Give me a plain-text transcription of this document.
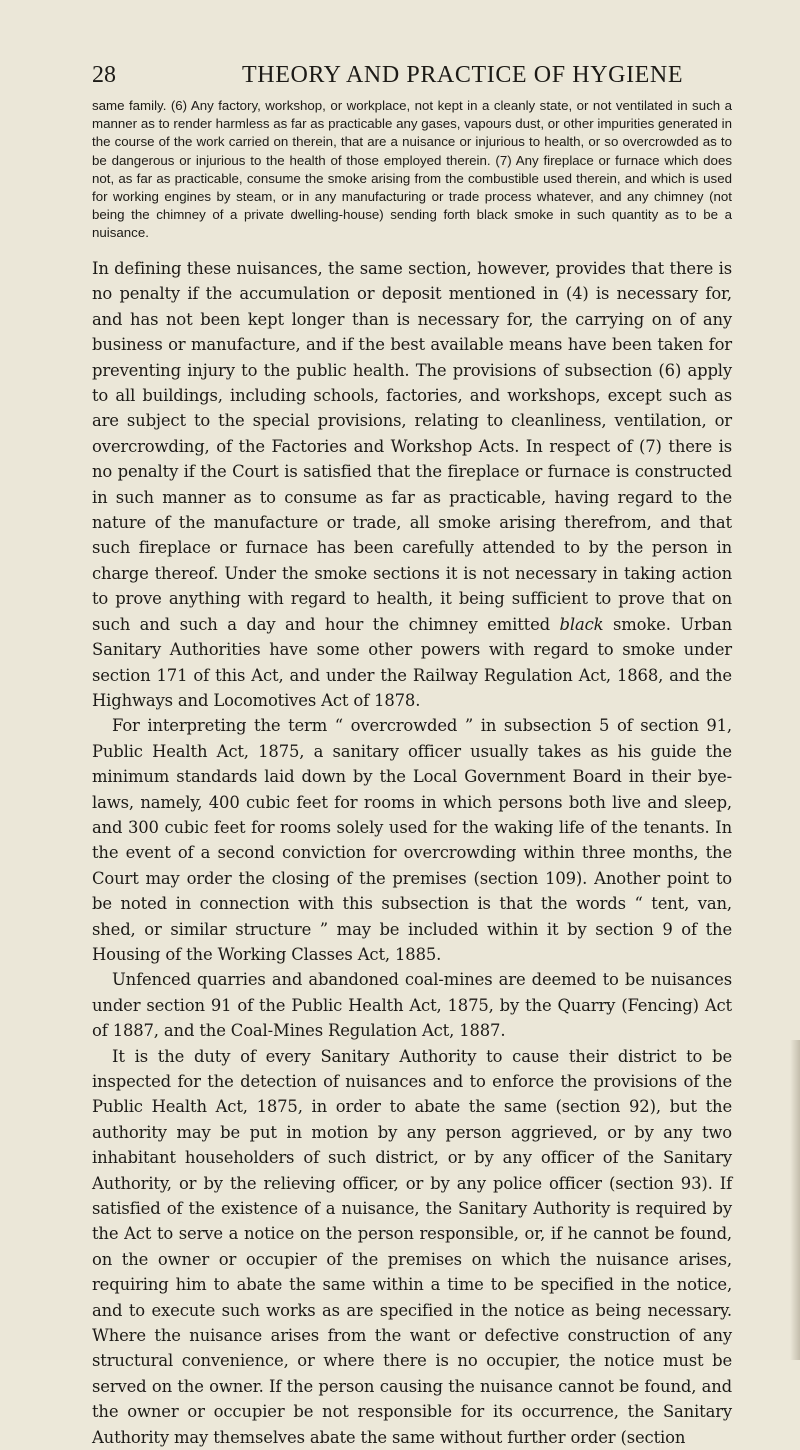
28	THEORY AND PRACTICE OF HYGIENE
same family. (6) Any factory, workshop, or workplace, not kept in a cleanly state, or not ventilated in such a manner as to render harmless as far as practicable any gases, vapours dust, or other impurities generated in the course of the work carried on therein, that are a nuisance or injurious to health, or so overcrowded as to be dangerous or injurious to the health of those employed therein. (7) Any fireplace or furnace which does not, as far as practicable, consume the smoke arising from the combustible used therein, and which is used for working engines by steam, or in any manufacturing or trade process whatever, and any chimney (not being the chimney of a private dwelling-house) sending forth black smoke in such quantity as to be a nuisance.

In defining these nuisances, the same section, however, provides that there is no penalty if the accumulation or deposit mentioned in (4) is necessary for, and has not been kept longer than is necessary for, the carrying on of any business or manufacture, and if the best available means have been taken for preventing injury to the public health. The provisions of subsection (6) apply to all buildings, including schools, factories, and workshops, except such as are subject to the special provisions, relating to cleanliness, ventilation, or overcrowding, of the Factories and Workshop Acts. In respect of (7) there is no penalty if the Court is satisfied that the fireplace or furnace is constructed in such manner as to consume as far as practicable, having regard to the nature of the manufacture or trade, all smoke arising therefrom, and that such fireplace or furnace has been carefully attended to by the person in charge thereof. Under the smoke sections it is not necessary in taking action to prove anything with regard to health, it being sufficient to prove that on such and such a day and hour the chimney emitted black smoke. Urban Sanitary Authorities have some other powers with regard to smoke under section 171 of this Act, and under the Railway Regulation Act, 1868, and the Highways and Locomotives Act of 1878.

For interpreting the term “ overcrowded ” in subsection 5 of section 91, Public Health Act, 1875, a sanitary officer usually takes as his guide the minimum standards laid down by the Local Government Board in their bye-laws, namely, 400 cubic feet for rooms in which persons both live and sleep, and 300 cubic feet for rooms solely used for the waking life of the tenants. In the event of a second conviction for overcrowding within three months, the Court may order the closing of the premises (section 109). Another point to be noted in connection with this subsection is that the words “ tent, van, shed, or similar structure ” may be included within it by section 9 of the Housing of the Working Classes Act, 1885.

Unfenced quarries and abandoned coal-mines are deemed to be nuisances under section 91 of the Public Health Act, 1875, by the Quarry (Fencing) Act of 1887, and the Coal-Mines Regulation Act, 1887.

It is the duty of every Sanitary Authority to cause their district to be inspected for the detection of nuisances and to enforce the provisions of the Public Health Act, 1875, in order to abate the same (section 92), but the authority may be put in motion by any person aggrieved, or by any two inhabitant householders of such district, or by any officer of the Sanitary Authority, or by the relieving officer, or by any police officer (section 93). If satisfied of the existence of a nuisance, the Sanitary Authority is required by the Act to serve a notice on the person responsible, or, if he cannot be found, on the owner or occupier of the premises on which the nuisance arises, requiring him to abate the same within a time to be specified in the notice, and to execute such works as are specified in the notice as being necessary. Where the nuisance arises from the want or defective construction of any structural convenience, or where there is no occupier, the notice must be served on the owner. If the person causing the nuisance cannot be found, and the owner or occupier be not responsible for its occurrence, the Sanitary Authority may themselves abate the same without further order (section
